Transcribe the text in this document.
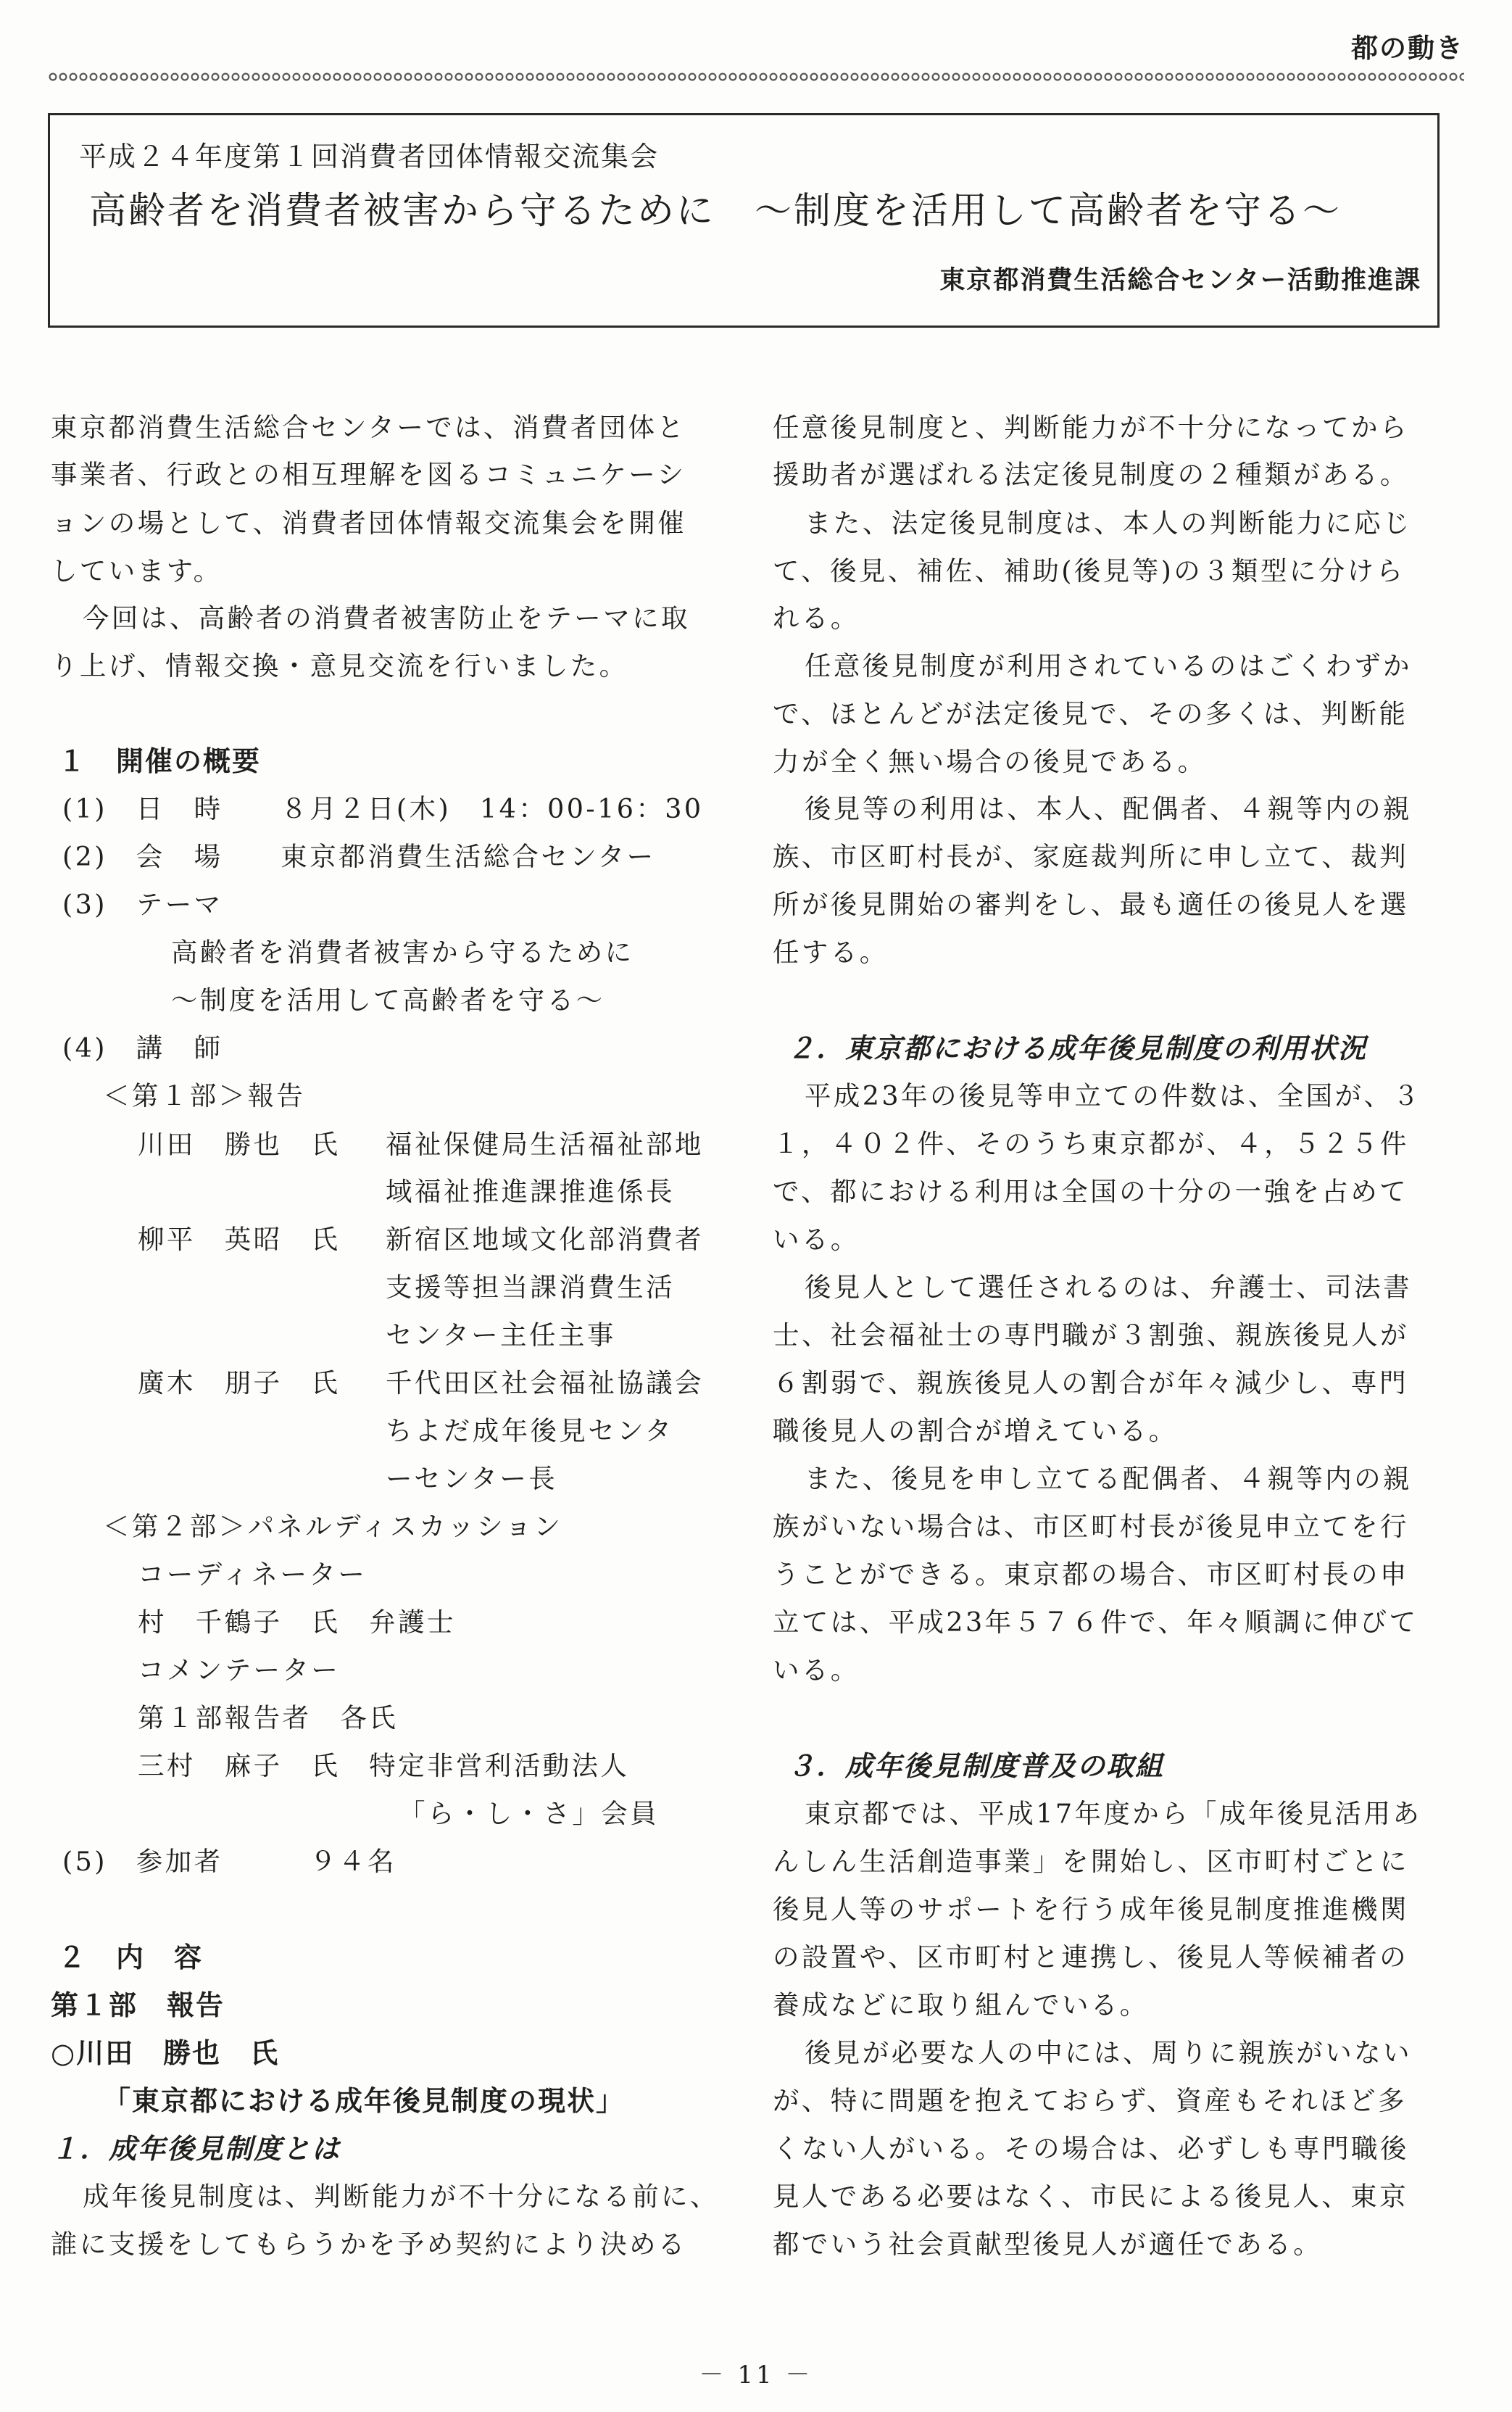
都の動き
平成２４年度第１回消費者団体情報交流集会
高齢者を消費者被害から守るために　～制度を活用して高齢者を守る～
東京都消費生活総合センター活動推進課
東京都消費生活総合センターでは、消費者団体と
事業者、行政との相互理解を図るコミュニケーシ
ョンの場として、消費者団体情報交流集会を開催
しています。
今回は、高齢者の消費者被害防止をテーマに取
り上げ、情報交換・意見交流を行いました。
１　開催の概要
(1)　日　時　　８月２日(木)　14：00-16：30
(2)　会　場　　東京都消費生活総合センター
(3)　テーマ
高齢者を消費者被害から守るために
～制度を活用して高齢者を守る～
(4)　講　師
＜第１部＞報告
川田　勝也　氏 福祉保健局生活福祉部地
域福祉推進課推進係長
柳平　英昭　氏 新宿区地域文化部消費者
支援等担当課消費生活
センター主任主事
廣木　朋子　氏 千代田区社会福祉協議会
ちよだ成年後見センタ
ーセンター長
＜第２部＞パネルディスカッション
コーディネーター
村　千鶴子　氏　弁護士
コメンテーター
第１部報告者　各氏
三村　麻子　氏　特定非営利活動法人
「ら・し・さ」会員
(5)　参加者　　　９４名
２　内　容
第１部　報告
○川田　勝也　氏
「東京都における成年後見制度の現状」
１．成年後見制度とは
成年後見制度は、判断能力が不十分になる前に、
誰に支援をしてもらうかを予め契約により決める
任意後見制度と、判断能力が不十分になってから
援助者が選ばれる法定後見制度の２種類がある。
また、法定後見制度は、本人の判断能力に応じ
て、後見、補佐、補助(後見等)の３類型に分けら
れる。
任意後見制度が利用されているのはごくわずか
で、ほとんどが法定後見で、その多くは、判断能
力が全く無い場合の後見である。
後見等の利用は、本人、配偶者、４親等内の親
族、市区町村長が、家庭裁判所に申し立て、裁判
所が後見開始の審判をし、最も適任の後見人を選
任する。
２．東京都における成年後見制度の利用状況
平成23年の後見等申立ての件数は、全国が、３
１，４０２件、そのうち東京都が、４，５２５件
で、都における利用は全国の十分の一強を占めて
いる。
後見人として選任されるのは、弁護士、司法書
士、社会福祉士の専門職が３割強、親族後見人が
６割弱で、親族後見人の割合が年々減少し、専門
職後見人の割合が増えている。
また、後見を申し立てる配偶者、４親等内の親
族がいない場合は、市区町村長が後見申立てを行
うことができる。東京都の場合、市区町村長の申
立ては、平成23年５７６件で、年々順調に伸びて
いる。
３．成年後見制度普及の取組
東京都では、平成17年度から「成年後見活用あ
んしん生活創造事業」を開始し、区市町村ごとに
後見人等のサポートを行う成年後見制度推進機関
の設置や、区市町村と連携し、後見人等候補者の
養成などに取り組んでいる。
後見が必要な人の中には、周りに親族がいない
が、特に問題を抱えておらず、資産もそれほど多
くない人がいる。その場合は、必ずしも専門職後
見人である必要はなく、市民による後見人、東京
都でいう社会貢献型後見人が適任である。
－ 11 －
